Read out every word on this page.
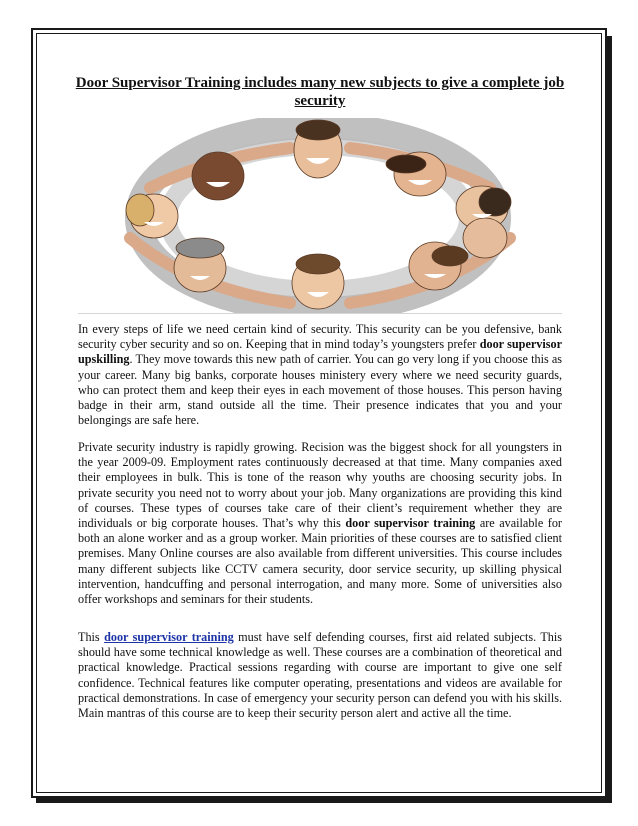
Door Supervisor Training includes many new subjects to give a complete job security

In every steps of life we need certain kind of security. This security can be you defensive, bank security cyber security and so on. Keeping that in mind today’s youngsters prefer door supervisor upskilling. They move towards this new path of carrier. You can go very long if you choose this as your career. Many big banks, corporate houses ministery every where we need security guards, who can protect them and keep their eyes in each movement of those houses. This person having badge in their arm, stand outside all the time. Their presence indicates that you and your belongings are safe here.

Private security industry is rapidly growing. Recision was the biggest shock for all youngsters in the year 2009-09. Employment rates continuously decreased at that time. Many companies axed their employees in bulk. This is tone of the reason why youths are choosing security jobs. In private security you need not to worry about your job. Many organizations are providing this kind of courses. These types of courses take care of their client’s requirement whether they are individuals or big corporate houses. That’s why this door supervisor training are available for both an alone worker and as a group worker. Main priorities of these courses are to satisfied client premises. Many Online courses are also available from different universities. This course includes many different subjects like CCTV camera security, door service security, up skilling physical intervention, handcuffing and personal interrogation, and many more. Some of universities also offer workshops and seminars for their students.

This door supervisor training must have self defending courses, first aid related subjects. This should have some technical knowledge as well. These courses are a combination of theoretical and practical knowledge. Practical sessions regarding with course are important to give one self confidence. Technical features like computer operating, presentations and videos are available for practical demonstrations. In case of emergency your security person can defend you with his skills. Main mantras of this course are to keep their security person alert and active all the time.
